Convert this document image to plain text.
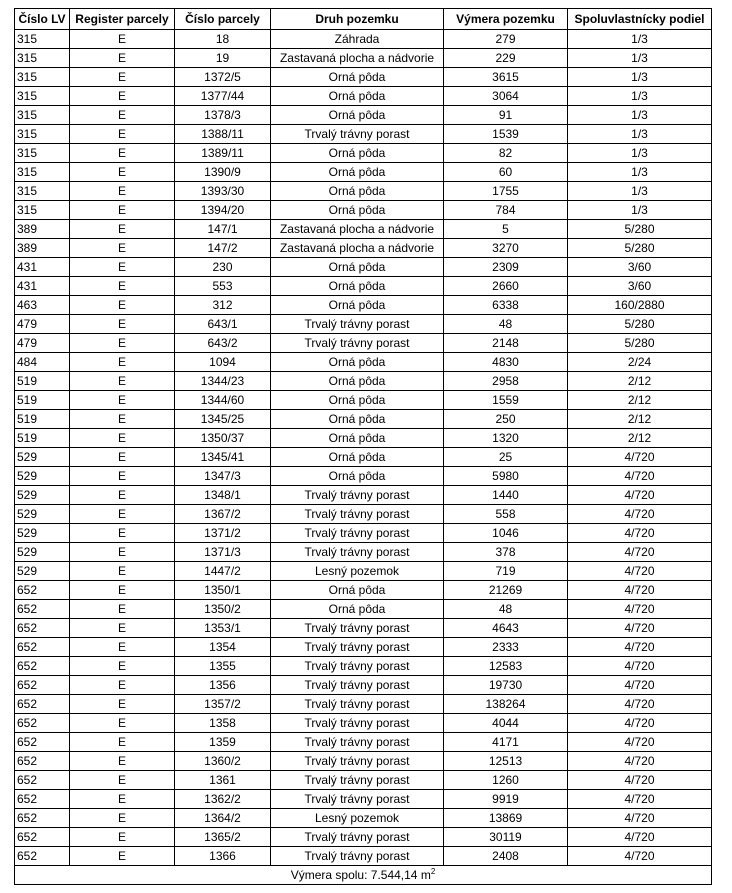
Číslo LV	Register parcely	Číslo parcely	Druh pozemku	Výmera pozemku	Spoluvlastnícky podiel
315	E	18	Záhrada	279	1/3
315	E	19	Zastavaná plocha a nádvorie	229	1/3
315	E	1372/5	Orná pôda	3615	1/3
315	E	1377/44	Orná pôda	3064	1/3
315	E	1378/3	Orná pôda	91	1/3
315	E	1388/11	Trvalý trávny porast	1539	1/3
315	E	1389/11	Orná pôda	82	1/3
315	E	1390/9	Orná pôda	60	1/3
315	E	1393/30	Orná pôda	1755	1/3
315	E	1394/20	Orná pôda	784	1/3
389	E	147/1	Zastavaná plocha a nádvorie	5	5/280
389	E	147/2	Zastavaná plocha a nádvorie	3270	5/280
431	E	230	Orná pôda	2309	3/60
431	E	553	Orná pôda	2660	3/60
463	E	312	Orná pôda	6338	160/2880
479	E	643/1	Trvalý trávny porast	48	5/280
479	E	643/2	Trvalý trávny porast	2148	5/280
484	E	1094	Orná pôda	4830	2/24
519	E	1344/23	Orná pôda	2958	2/12
519	E	1344/60	Orná pôda	1559	2/12
519	E	1345/25	Orná pôda	250	2/12
519	E	1350/37	Orná pôda	1320	2/12
529	E	1345/41	Orná pôda	25	4/720
529	E	1347/3	Orná pôda	5980	4/720
529	E	1348/1	Trvalý trávny porast	1440	4/720
529	E	1367/2	Trvalý trávny porast	558	4/720
529	E	1371/2	Trvalý trávny porast	1046	4/720
529	E	1371/3	Trvalý trávny porast	378	4/720
529	E	1447/2	Lesný pozemok	719	4/720
652	E	1350/1	Orná pôda	21269	4/720
652	E	1350/2	Orná pôda	48	4/720
652	E	1353/1	Trvalý trávny porast	4643	4/720
652	E	1354	Trvalý trávny porast	2333	4/720
652	E	1355	Trvalý trávny porast	12583	4/720
652	E	1356	Trvalý trávny porast	19730	4/720
652	E	1357/2	Trvalý trávny porast	138264	4/720
652	E	1358	Trvalý trávny porast	4044	4/720
652	E	1359	Trvalý trávny porast	4171	4/720
652	E	1360/2	Trvalý trávny porast	12513	4/720
652	E	1361	Trvalý trávny porast	1260	4/720
652	E	1362/2	Trvalý trávny porast	9919	4/720
652	E	1364/2	Lesný pozemok	13869	4/720
652	E	1365/2	Trvalý trávny porast	30119	4/720
652	E	1366	Trvalý trávny porast	2408	4/720
Výmera spolu: 7.544,14 $m^2$
